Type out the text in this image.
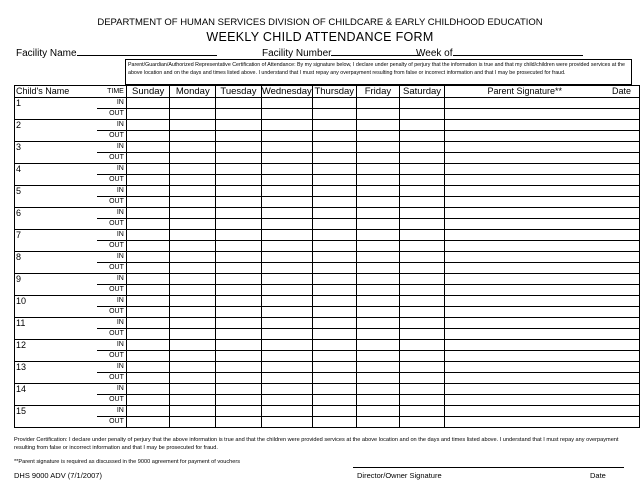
DEPARTMENT OF HUMAN SERVICES DIVISION OF CHILDCARE & EARLY CHILDHOOD EDUCATION
WEEKLY CHILD ATTENDANCE FORM
Facility Name	Facility Number	Week of
Parent/Guardian/Authorized Representative Certification of Attendance: By my signature below, I declare under penalty of perjury that the information is true and that my child/children were provided services at the above location and on the days and times listed above. I understand that I must repay any overpayment resulting from false or incorrect information and that I may be prosecuted for fraud.
Child's Name	TIME	Sunday	Monday	Tuesday	Wednesday	Thursday	Friday	Saturday	Parent Signature**	Date
1	IN									
	OUT									
2	IN									
	OUT									
3	IN									
	OUT									
4	IN									
	OUT									
5	IN									
	OUT									
6	IN									
	OUT									
7	IN									
	OUT									
8	IN									
	OUT									
9	IN									
	OUT									
10	IN									
	OUT									
11	IN									
	OUT									
12	IN									
	OUT									
13	IN									
	OUT									
14	IN									
	OUT									
15	IN									
	OUT									
Provider Certification: I declare under penalty of perjury that the above information is true and that the children were provided services at the above location and on the days and times listed above. I understand that I must repay any overpayment resulting from false or incorrect information and that I may be prosecuted for fraud.
**Parent signature is required as discussed in the 9000 agreement for payment of vouchers
DHS 9000 ADV (7/1/2007)	Director/Owner Signature	Date
